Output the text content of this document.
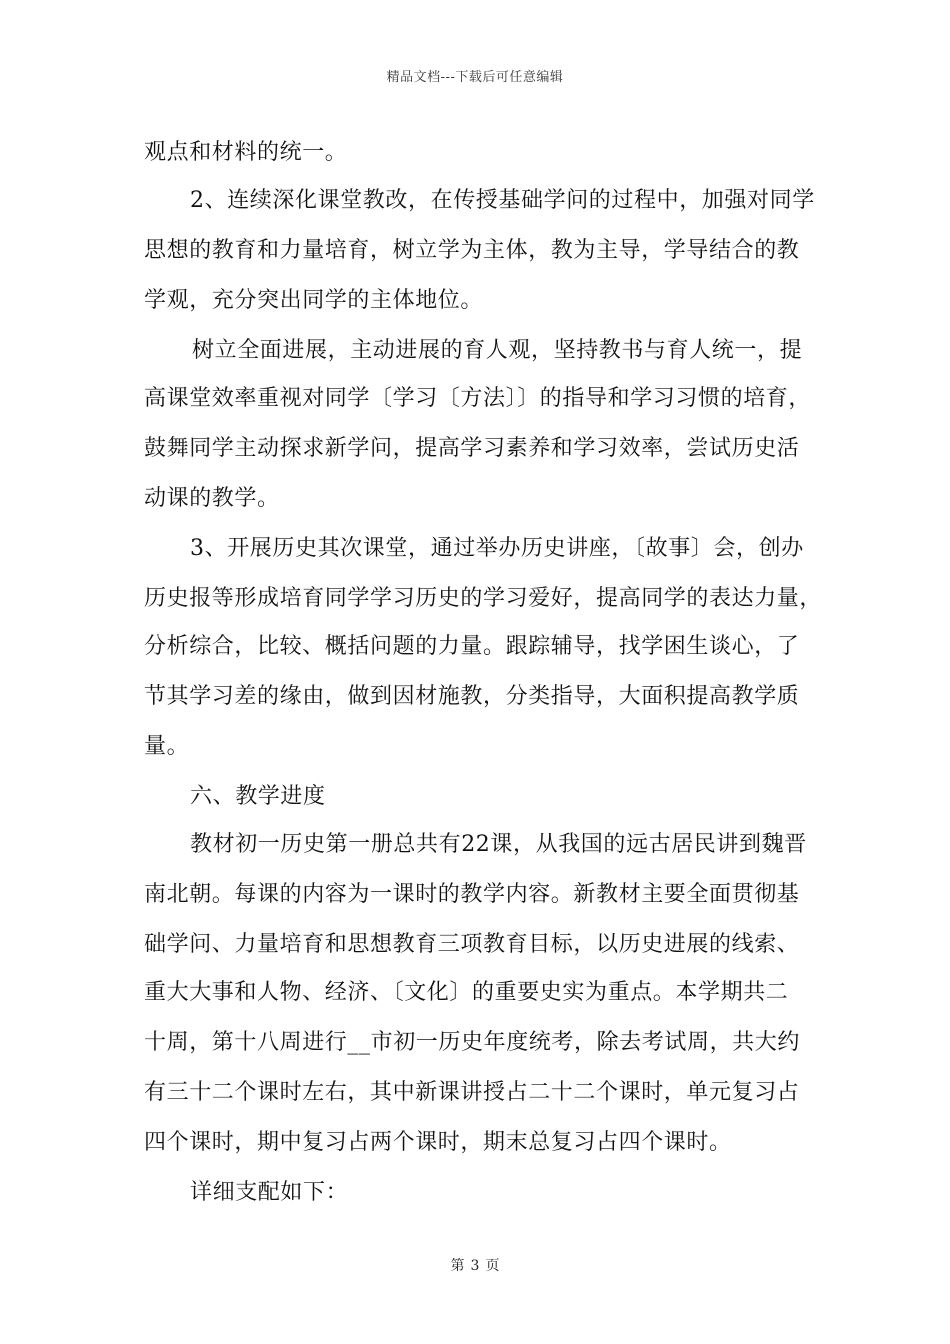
精品文档---下载后可任意编辑
观点和材料的统一。
2、连续深化课堂教改，在传授基础学问的过程中，加强对同学
思想的教育和力量培育，树立学为主体，教为主导，学导结合的教
学观，充分突出同学的主体地位。
树立全面进展，主动进展的育人观，坚持教书与育人统一，提
高课堂效率重视对同学〔学习〔方法〕〕的指导和学习习惯的培育，
鼓舞同学主动探求新学问，提高学习素养和学习效率，尝试历史活
动课的教学。
3、开展历史其次课堂，通过举办历史讲座，〔故事〕会，创办
历史报等形成培育同学学习历史的学习爱好，提高同学的表达力量，
分析综合，比较、概括问题的力量。跟踪辅导，找学困生谈心，了
节其学习差的缘由，做到因材施教，分类指导，大面积提高教学质
量。
六、教学进度
教材初一历史第一册总共有22课，从我国的远古居民讲到魏晋
南北朝。每课的内容为一课时的教学内容。新教材主要全面贯彻基
础学问、力量培育和思想教育三项教育目标，以历史进展的线索、
重大大事和人物、经济、〔文化〕的重要史实为重点。本学期共二
十周，第十八周进行__市初一历史年度统考，除去考试周，共大约
有三十二个课时左右，其中新课讲授占二十二个课时，单元复习占
四个课时，期中复习占两个课时，期末总复习占四个课时。
详细支配如下：
第 3 页
